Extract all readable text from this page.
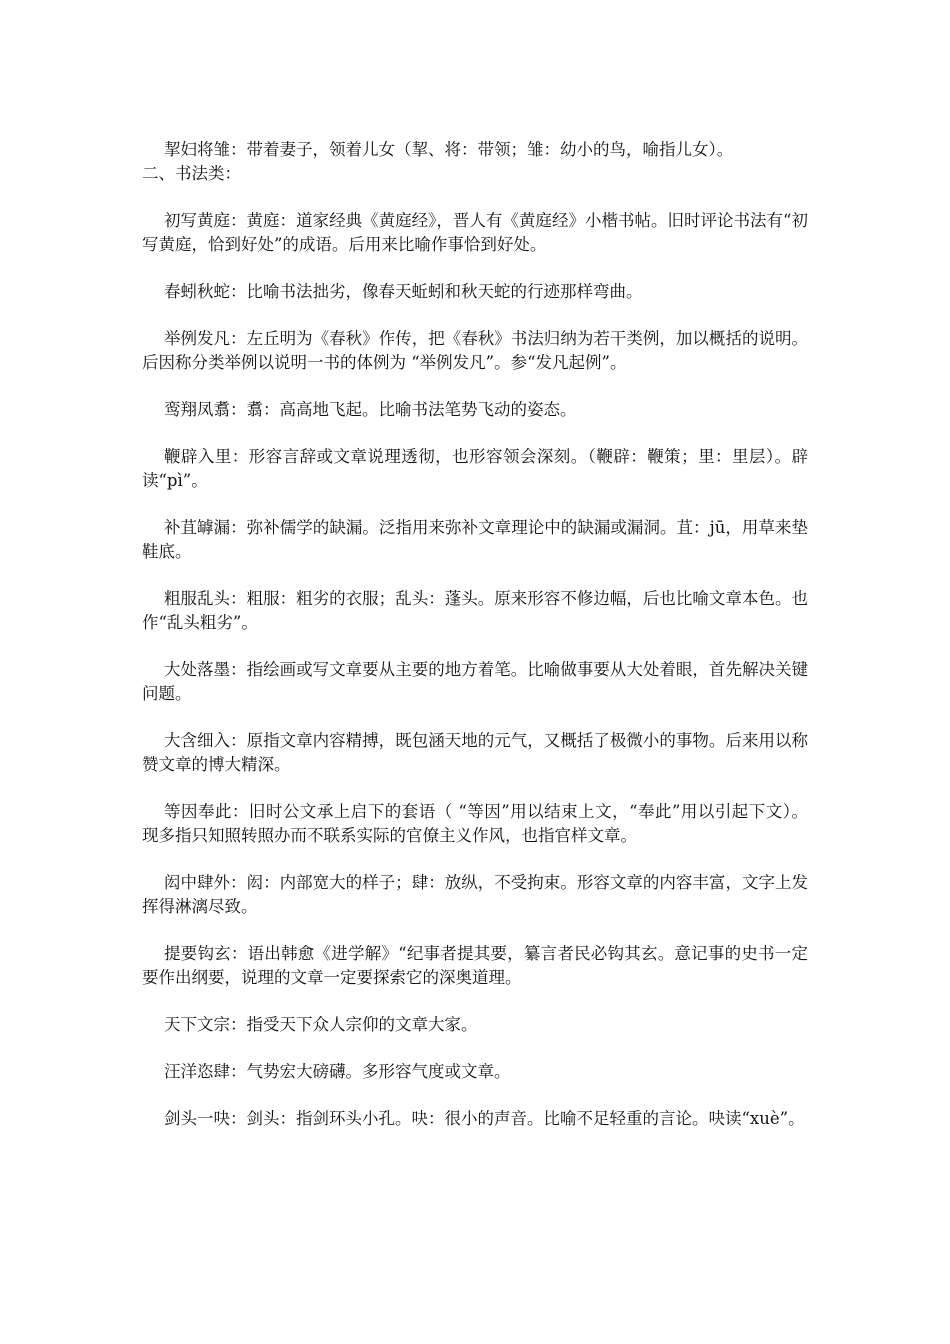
挈妇将雏：带着妻子，领着儿女（挈、将：带领；雏：幼小的鸟，喻指儿女）。

二、书法类：

初写黄庭：黄庭：道家经典《黄庭经》，晋人有《黄庭经》小楷书帖。旧时评论书法有“初写黄庭，恰到好处”的成语。后用来比喻作事恰到好处。

春蚓秋蛇：比喻书法拙劣，像春天蚯蚓和秋天蛇的行迹那样弯曲。

举例发凡：左丘明为《春秋》作传，把《春秋》书法归纳为若干类例，加以概括的说明。后因称分类举例以说明一书的体例为 “举例发凡”。参“发凡起例”。

鸾翔凤翥：翥：高高地飞起。比喻书法笔势飞动的姿态。

鞭辟入里：形容言辞或文章说理透彻，也形容领会深刻。（鞭辟：鞭策；里：里层）。辟读“pì”。

补苴罅漏：弥补儒学的缺漏。泛指用来弥补文章理论中的缺漏或漏洞。苴：jū，用草来垫鞋底。

粗服乱头：粗服：粗劣的衣服；乱头：蓬头。原来形容不修边幅，后也比喻文章本色。也作“乱头粗劣”。

大处落墨：指绘画或写文章要从主要的地方着笔。比喻做事要从大处着眼，首先解决关键问题。

大含细入：原指文章内容精搏，既包涵天地的元气，又概括了极微小的事物。后来用以称赞文章的博大精深。

等因奉此：旧时公文承上启下的套语（ “等因”用以结束上文，“奉此”用以引起下文）。 现多指只知照转照办而不联系实际的官僚主义作风，也指官样文章。

闳中肆外：闳：内部宽大的样子；肆：放纵，不受拘束。形容文章的内容丰富，文字上发挥得淋漓尽致。

提要钩玄：语出韩愈《进学解》“纪事者提其要，纂言者民必钩其玄。意记事的史书一定要作出纲要，说理的文章一定要探索它的深奥道理。

天下文宗：指受天下众人宗仰的文章大家。

汪洋恣肆：气势宏大磅礴。多形容气度或文章。

剑头一吷：剑头：指剑环头小孔。吷：很小的声音。比喻不足轻重的言论。吷读“xuè”。
